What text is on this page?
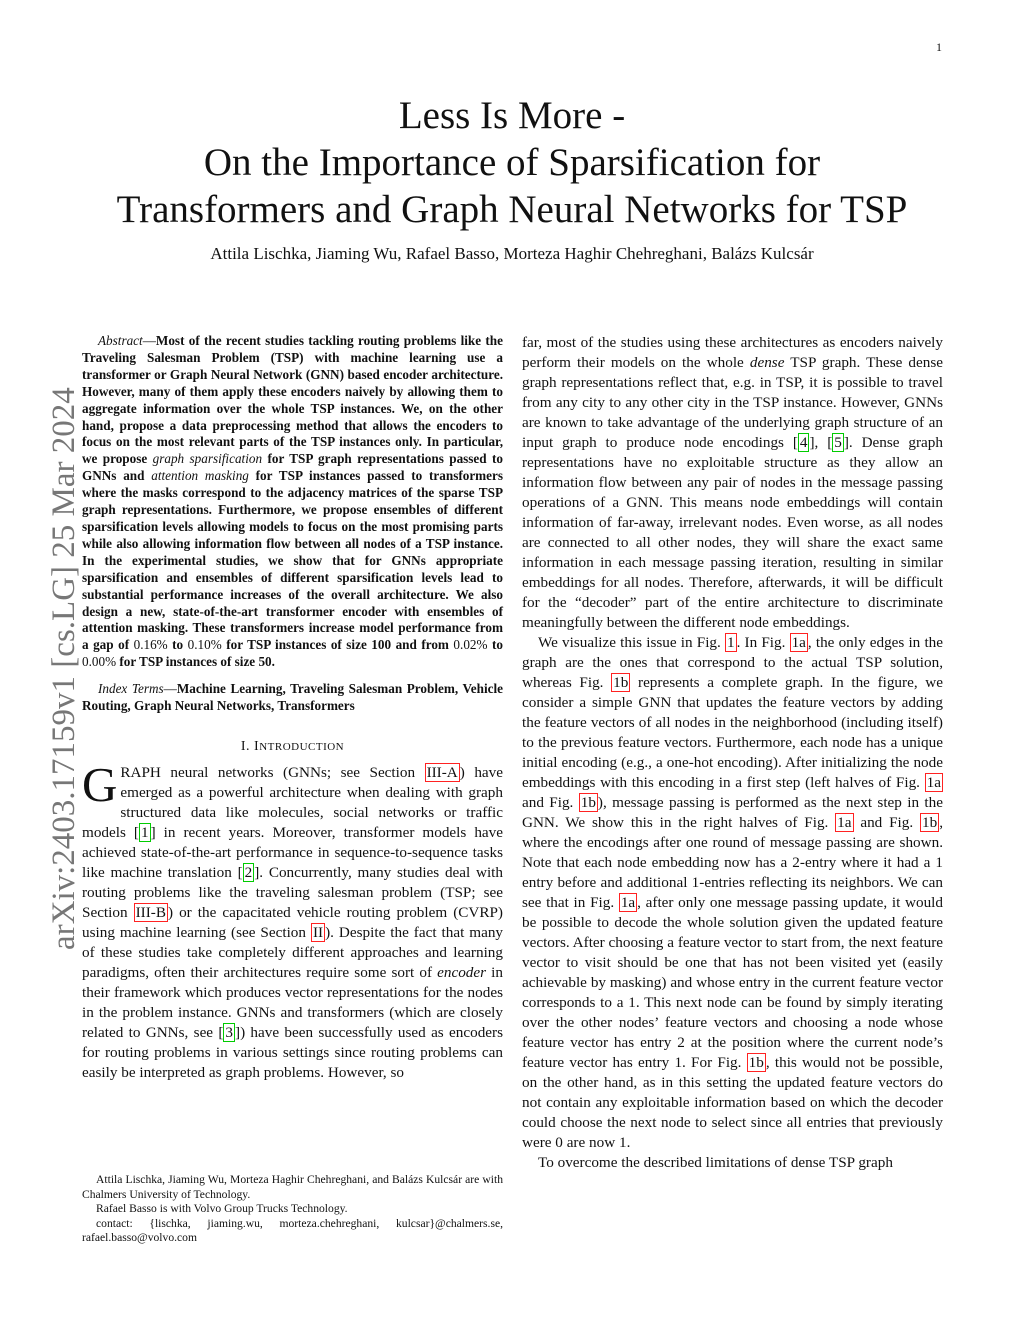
1
arXiv:2403.17159v1 [cs.LG] 25 Mar 2024
Less Is More -
On the Importance of Sparsification for
Transformers and Graph Neural Networks for TSP
Attila Lischka, Jiaming Wu, Rafael Basso, Morteza Haghir Chehreghani, Balázs Kulcsár

Abstract—Most of the recent studies tackling routing problems like the Traveling Salesman Problem (TSP) with machine learning use a transformer or Graph Neural Network (GNN) based encoder architecture. However, many of them apply these encoders naively by allowing them to aggregate information over the whole TSP instances. We, on the other hand, propose a data preprocessing method that allows the encoders to focus on the most relevant parts of the TSP instances only. In particular, we propose graph sparsification for TSP graph representations passed to GNNs and attention masking for TSP instances passed to transformers where the masks correspond to the adjacency matrices of the sparse TSP graph representations. Furthermore, we propose ensembles of different sparsification levels allowing models to focus on the most promising parts while also allowing information flow between all nodes of a TSP instance. In the experimental studies, we show that for GNNs appropriate sparsification and ensembles of different sparsification levels lead to substantial performance increases of the overall architecture. We also design a new, state-of-the-art transformer encoder with ensembles of attention masking. These transformers increase model performance from a gap of 0.16% to 0.10% for TSP instances of size 100 and from 0.02% to 0.00% for TSP instances of size 50.

Index Terms—Machine Learning, Traveling Salesman Problem, Vehicle Routing, Graph Neural Networks, Transformers

I. INTRODUCTION

GRAPH neural networks (GNNs; see Section III-A ) have emerged as a powerful architecture when dealing with graph structured data like molecules, social networks or traffic models [ 1 ] in recent years. Moreover, transformer models have achieved state-of-the-art performance in sequence-to-sequence tasks like machine translation [ 2 ]. Concurrently, many studies deal with routing problems like the traveling salesman problem (TSP; see Section III-B ) or the capacitated vehicle routing problem (CVRP) using machine learning (see Section II ). Despite the fact that many of these studies take completely different approaches and learning paradigms, often their architectures require some sort of encoder in their framework which produces vector representations for the nodes in the problem instance. GNNs and transformers (which are closely related to GNNs, see [ 3 ]) have been successfully used as encoders for routing problems in various settings since routing problems can easily be interpreted as graph problems. However, so

Attila Lischka, Jiaming Wu, Morteza Haghir Chehreghani, and Balázs Kulcsár are with Chalmers University of Technology.

Rafael Basso is with Volvo Group Trucks Technology.

contact: {lischka, jiaming.wu, morteza.chehreghani, kulcsar}@chalmers.se, rafael.basso@volvo.com

far, most of the studies using these architectures as encoders naively perform their models on the whole dense TSP graph. These dense graph representations reflect that, e.g. in TSP, it is possible to travel from any city to any other city in the TSP instance. However, GNNs are known to take advantage of the underlying graph structure of an input graph to produce node encodings [ 4 ], [ 5 ]. Dense graph representations have no exploitable structure as they allow an information flow between any pair of nodes in the message passing operations of a GNN. This means node embeddings will contain information of far-away, irrelevant nodes. Even worse, as all nodes are connected to all other nodes, they will share the exact same information in each message passing iteration, resulting in similar embeddings for all nodes. Therefore, afterwards, it will be difficult for the “decoder” part of the entire architecture to discriminate meaningfully between the different node embeddings.

We visualize this issue in Fig. 1 . In Fig. 1a , the only edges in the graph are the ones that correspond to the actual TSP solution, whereas Fig. 1b represents a complete graph. In the figure, we consider a simple GNN that updates the feature vectors by adding the feature vectors of all nodes in the neighborhood (including itself) to the previous feature vectors. Furthermore, each node has a unique initial encoding (e.g., a one-hot encoding). After initializing the node embeddings with this encoding in a first step (left halves of Fig. 1a and Fig. 1b ), message passing is performed as the next step in the GNN. We show this in the right halves of Fig. 1a and Fig. 1b , where the encodings after one round of message passing are shown. Note that each node embedding now has a 2-entry where it had a 1 entry before and additional 1-entries reflecting its neighbors. We can see that in Fig. 1a , after only one message passing update, it would be possible to decode the whole solution given the updated feature vectors. After choosing a feature vector to start from, the next feature vector to visit should be one that has not been visited yet (easily achievable by masking) and whose entry in the current feature vector corresponds to a 1. This next node can be found by simply iterating over the other nodes’ feature vectors and choosing a node whose feature vector has entry 2 at the position where the current node’s feature vector has entry 1. For Fig. 1b , this would not be possible, on the other hand, as in this setting the updated feature vectors do not contain any exploitable information based on which the decoder could choose the next node to select since all entries that previously were 0 are now 1.

To overcome the described limitations of dense TSP graph
